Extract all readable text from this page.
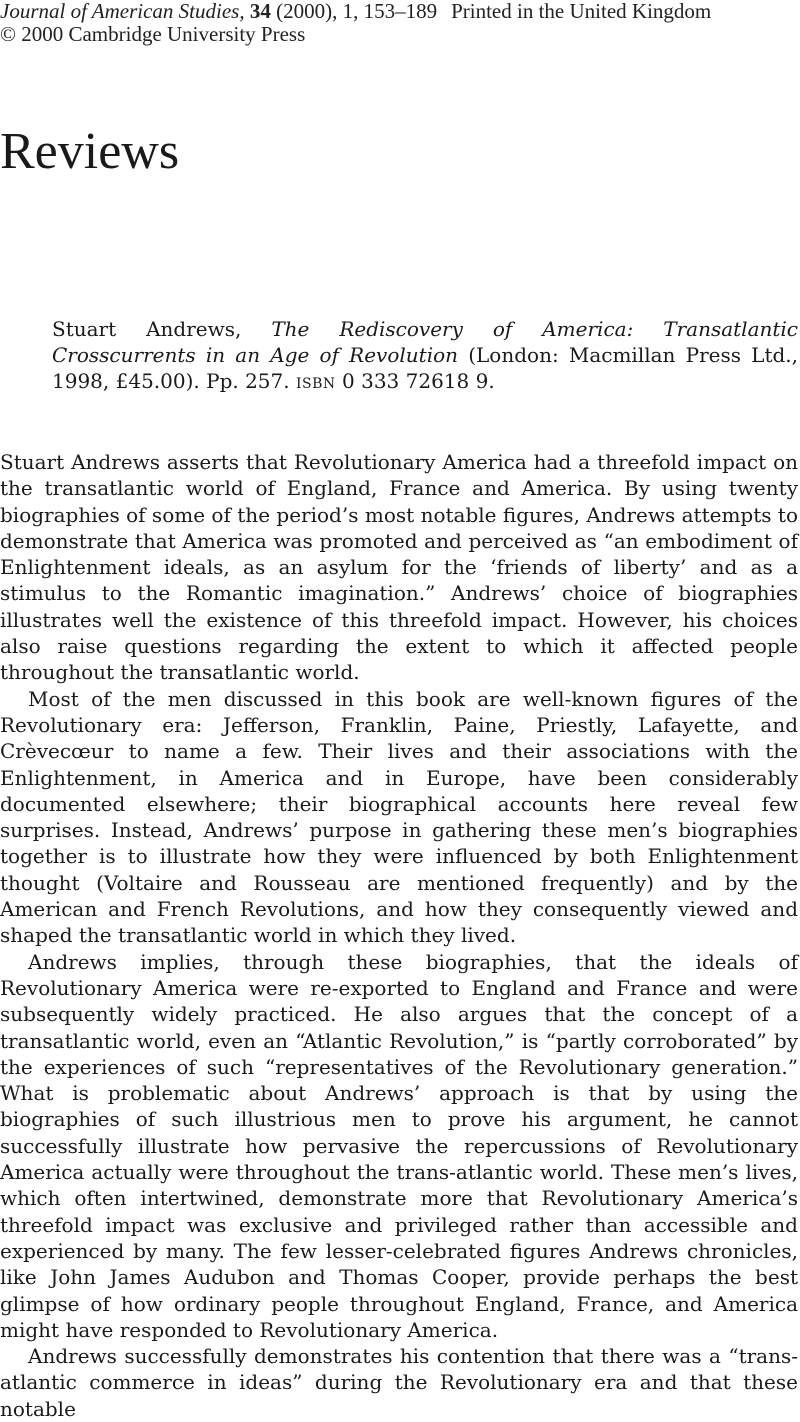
Journal of American Studies, 34 (2000), 1, 153–189 Printed in the United Kingdom
© 2000 Cambridge University Press
Reviews
Stuart Andrews, The Rediscovery of America: Transatlantic Crosscurrents in an Age of Revolution (London: Macmillan Press Ltd., 1998, £45.00). Pp. 257. isbn 0 333 72618 9.

Stuart Andrews asserts that Revolutionary America had a threefold impact on the transatlantic world of England, France and America. By using twenty biographies of some of the period’s most notable figures, Andrews attempts to demonstrate that America was promoted and perceived as “an embodiment of Enlightenment ideals, as an asylum for the ‘friends of liberty’ and as a stimulus to the Romantic imagination.” Andrews’ choice of biographies illustrates well the existence of this threefold impact. However, his choices also raise questions regarding the extent to which it affected people throughout the transatlantic world.

Most of the men discussed in this book are well-known figures of the Revolutionary era: Jefferson, Franklin, Paine, Priestly, Lafayette, and Crèvecœur to name a few. Their lives and their associations with the Enlightenment, in America and in Europe, have been considerably documented elsewhere; their biographical accounts here reveal few surprises. Instead, Andrews’ purpose in gathering these men’s biographies together is to illustrate how they were influenced by both Enlightenment thought (Voltaire and Rousseau are mentioned frequently) and by the American and French Revolutions, and how they consequently viewed and shaped the transatlantic world in which they lived.

Andrews implies, through these biographies, that the ideals of Revolutionary America were re-exported to England and France and were subsequently widely practiced. He also argues that the concept of a transatlantic world, even an “Atlantic Revolution,” is “partly corroborated” by the experiences of such “representatives of the Revolutionary generation.” What is problematic about Andrews’ approach is that by using the biographies of such illustrious men to prove his argument, he cannot successfully illustrate how pervasive the repercussions of Revolutionary America actually were throughout the trans-atlantic world. These men’s lives, which often intertwined, demonstrate more that Revolutionary America’s threefold impact was exclusive and privileged rather than accessible and experienced by many. The few lesser-celebrated figures Andrews chronicles, like John James Audubon and Thomas Cooper, provide perhaps the best glimpse of how ordinary people throughout England, France, and America might have responded to Revolutionary America.

Andrews successfully demonstrates his contention that there was a “trans-atlantic commerce in ideas” during the Revolutionary era and that these notable
